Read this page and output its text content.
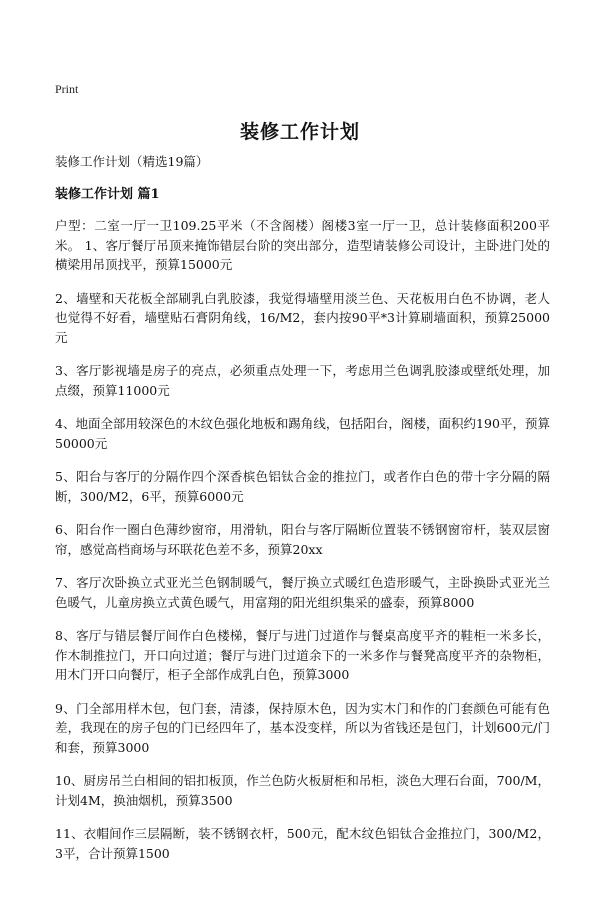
Print
装修工作计划

装修工作计划（精选19篇）

装修工作计划 篇1

户型：二室一厅一卫109.25平米（不含阁楼）阁楼3室一厅一卫，总计装修面积200平米。 1、客厅餐厅吊顶来掩饰错层台阶的突出部分，造型请装修公司设计，主卧进门处的横梁用吊顶找平，预算15000元

2、墙壁和天花板全部刷乳白乳胶漆，我觉得墙壁用淡兰色、天花板用白色不协调，老人也觉得不好看，墙壁贴石膏阴角线，16/M2，套内按90平*3计算刷墙面积，预算25000元

3、客厅影视墙是房子的亮点，必须重点处理一下，考虑用兰色调乳胶漆或壁纸处理，加点缀，预算11000元

4、地面全部用较深色的木纹色强化地板和踢角线，包括阳台，阁楼，面积约190平，预算50000元

5、阳台与客厅的分隔作四个深香槟色铝钛合金的推拉门，或者作白色的带十字分隔的隔断，300/M2，6平，预算6000元

6、阳台作一圈白色薄纱窗帘，用滑轨，阳台与客厅隔断位置装不锈钢窗帘杆，装双层窗帘，感觉高档商场与环联花色差不多，预算20xx

7、客厅次卧换立式亚光兰色钢制暖气，餐厅换立式暖红色造形暖气，主卧换卧式亚光兰色暖气，儿童房换立式黄色暖气，用富翔的阳光组织集采的盛泰，预算8000

8、客厅与错层餐厅间作白色楼梯，餐厅与进门过道作与餐桌高度平齐的鞋柜一米多长，作木制推拉门，开口向过道；餐厅与进门过道余下的一米多作与餐凳高度平齐的杂物柜，用木门开口向餐厅，柜子全部作成乳白色，预算3000

9、门全部用样木包，包门套，清漆，保持原木色，因为实木门和作的门套颜色可能有色差，我现在的房子包的门已经四年了，基本没变样，所以为省钱还是包门，计划600元/门和套，预算3000

10、厨房吊兰白相间的铝扣板顶，作兰色防火板厨柜和吊柜，淡色大理石台面，700/M，计划4M，换油烟机，预算3500

11、衣帽间作三层隔断，装不锈钢衣杆，500元，配木纹色铝钛合金推拉门，300/M2，3平，合计预算1500
